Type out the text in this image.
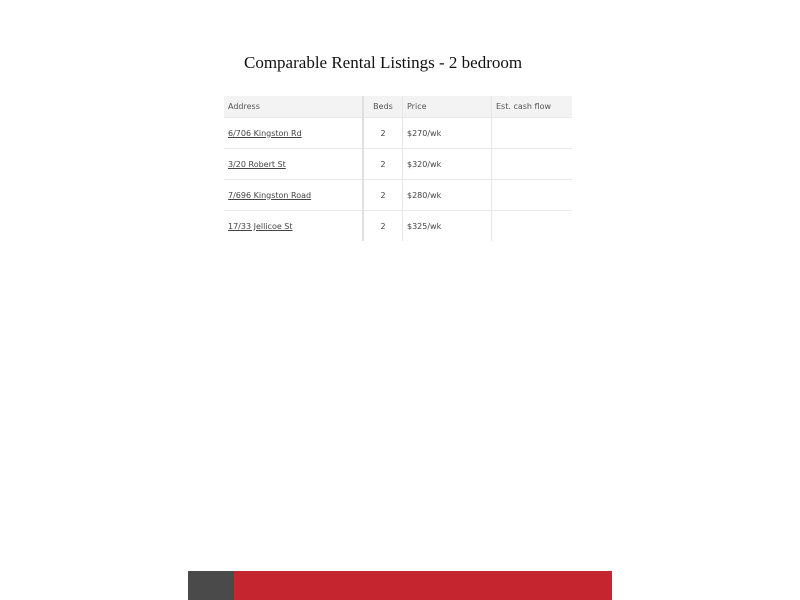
Comparable Rental Listings - 2 bedroom
Address	Beds	Price	Est. cash flow
6/706 Kingston Rd	2	$270/wk	
3/20 Robert St	2	$320/wk	
7/696 Kingston Road	2	$280/wk	
17/33 Jellicoe St	2	$325/wk	
